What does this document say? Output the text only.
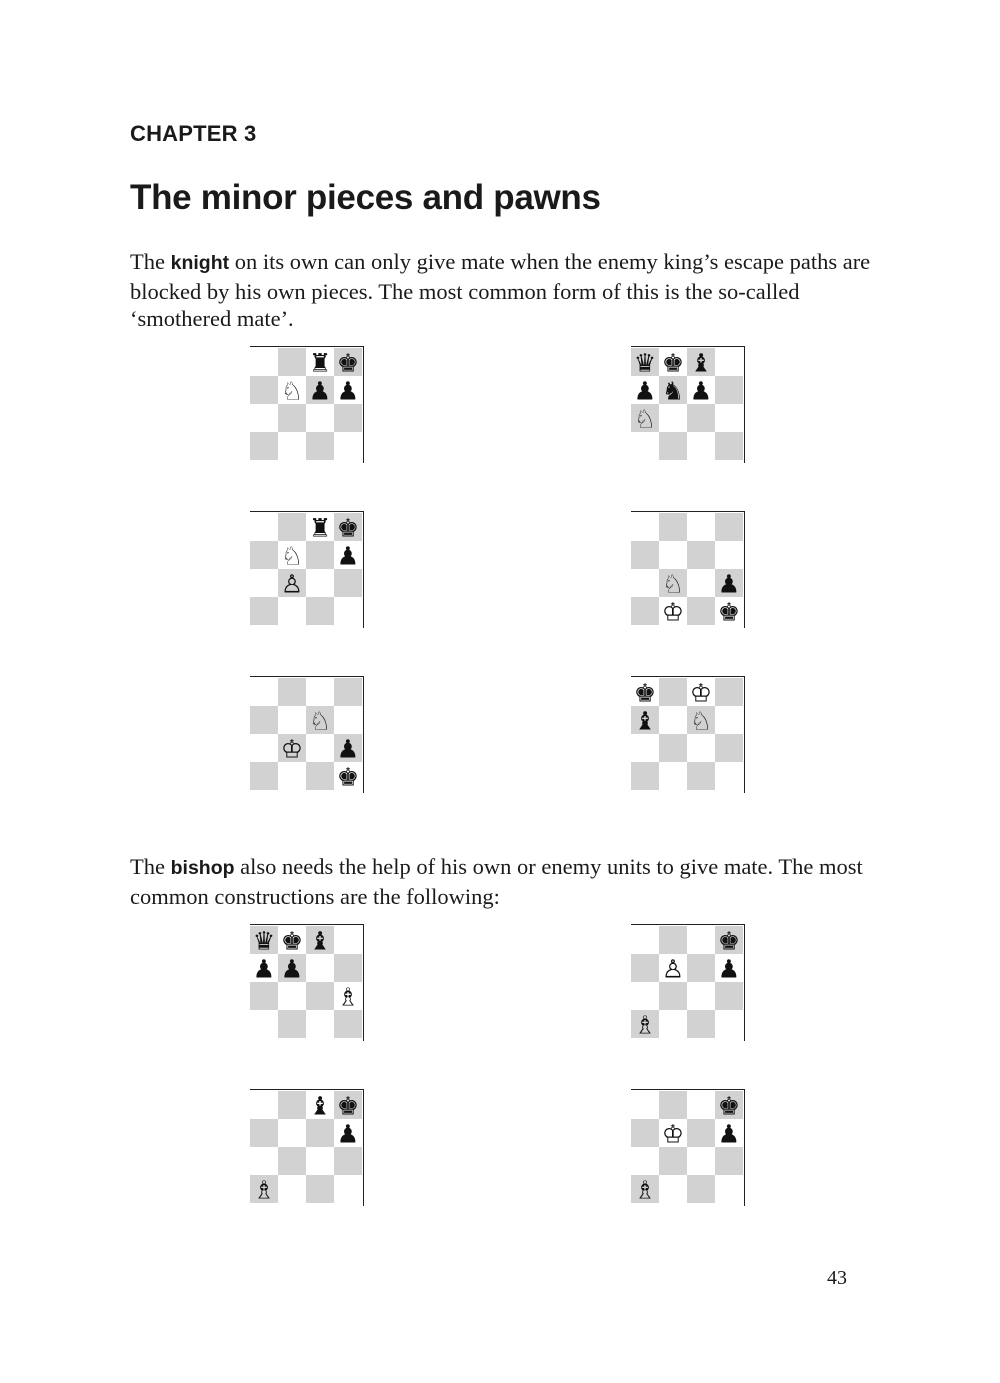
CHAPTER 3
The minor pieces and pawns

The knight on its own can only give mate when the enemy king’s escape paths are blocked by his own pieces. The most common form of this is the so-called ‘smothered mate’.

♜ ♚
♘ ♟ ♟
♛ ♚ ♝
♟ ♞ ♟
♘
♜ ♚
♘ ♟
♙	♘ ♟
♔ ♚
♘
♔ ♟
♚
♚ ♔
♝ ♘

The bishop also needs the help of his own or enemy units to give mate. The most common constructions are the following:

♛ ♚ ♝
♟ ♟
♗
♚
♙ ♟
♗
♝ ♚
♟
♗
♚
♔ ♟
♗

43
